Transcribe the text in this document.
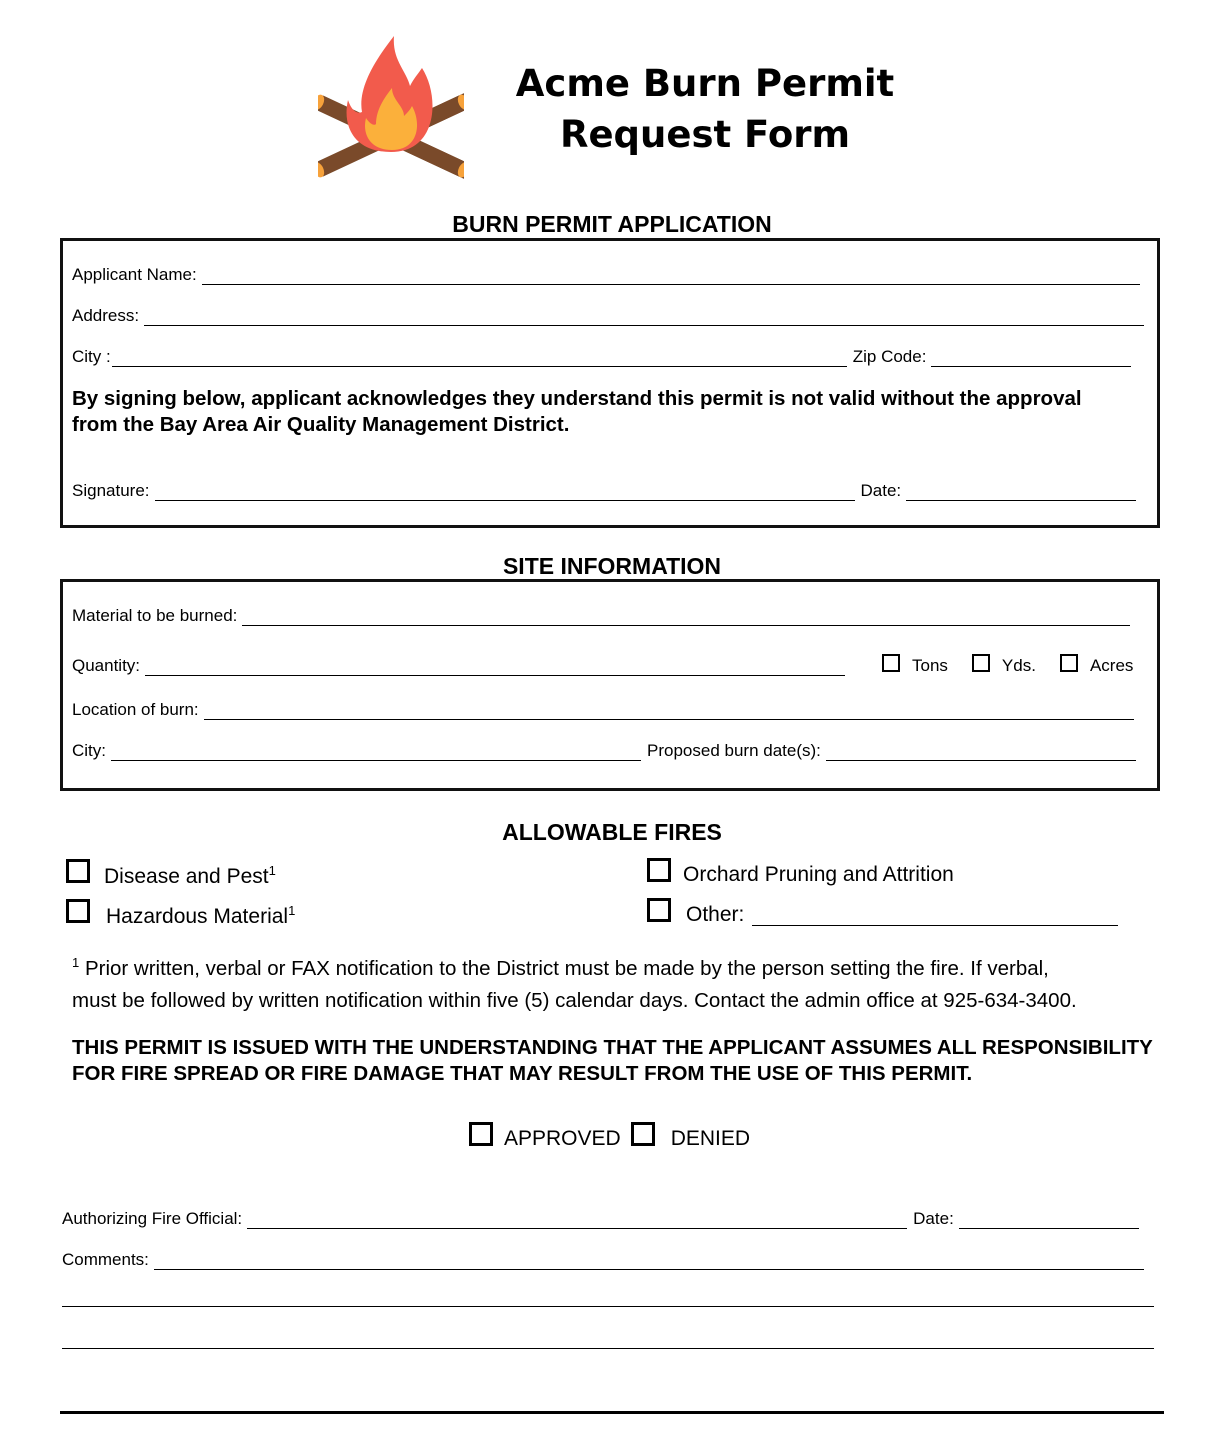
Acme Burn Permit
Request Form
BURN PERMIT APPLICATION
Applicant Name:
Address:
City :	Zip Code:
By signing below, applicant acknowledges they understand this permit is not valid without the approval from the Bay Area Air Quality Management District.
Signature:	Date:
SITE INFORMATION
Material to be burned:
Quantity:	Tons	Yds.	Acres
Location of burn:
City:	Proposed burn date(s):
ALLOWABLE FIRES
Disease and Pest$^1$
Hazardous Material$^1$
Orchard Pruning and Attrition
Other:
$^1$ Prior written, verbal or FAX notification to the District must be made by the person setting the fire. If verbal,
must be followed by written notification within five (5) calendar days. Contact the admin office at 925-634-3400.
THIS PERMIT IS ISSUED WITH THE UNDERSTANDING THAT THE APPLICANT ASSUMES ALL RESPONSIBILITY FOR FIRE SPREAD OR FIRE DAMAGE THAT MAY RESULT FROM THE USE OF THIS PERMIT.
APPROVED DENIED
Authorizing Fire Official:	Date:
Comments:
